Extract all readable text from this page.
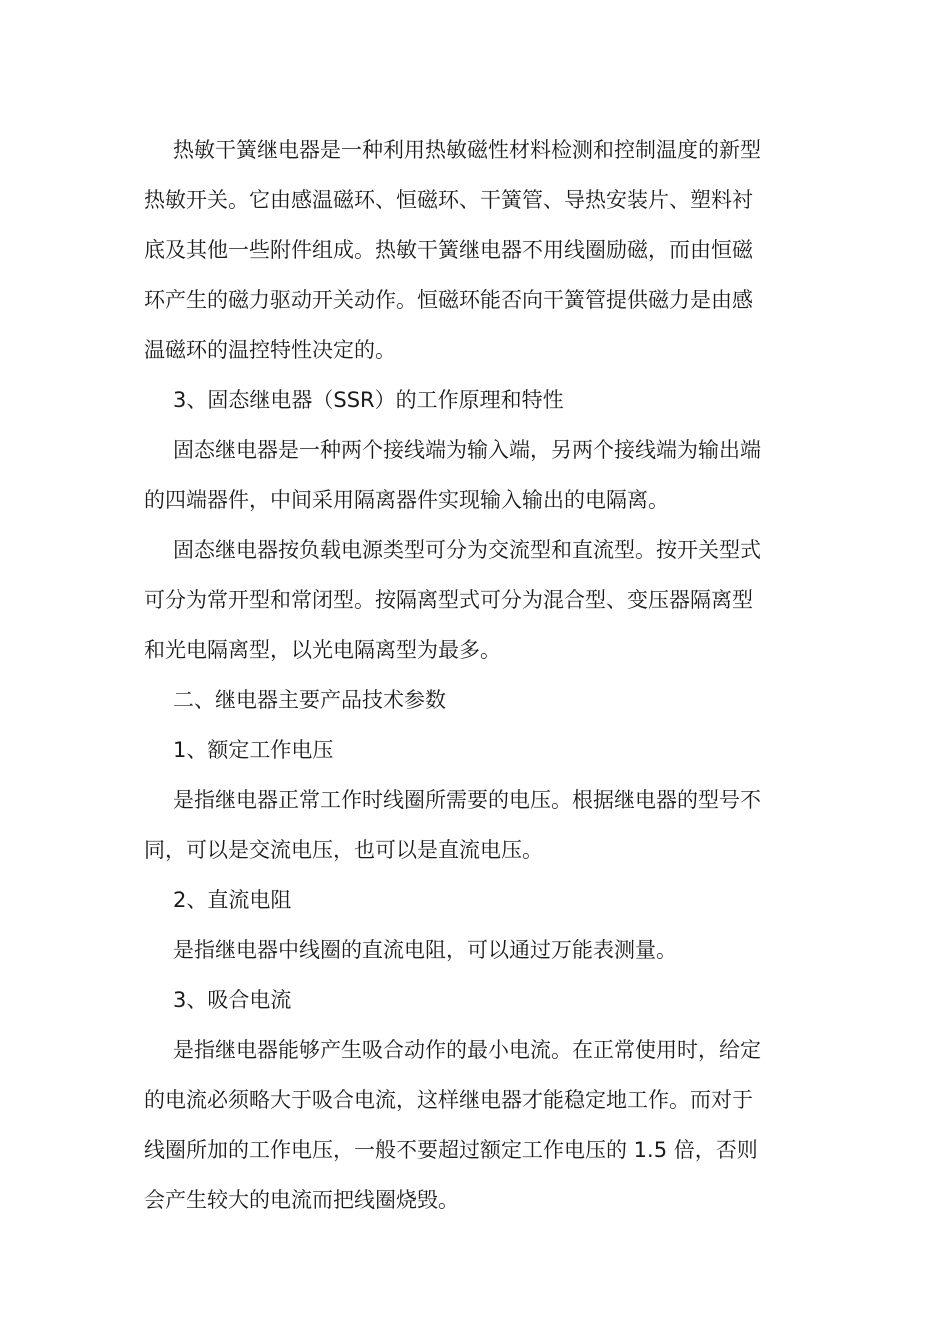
热敏干簧继电器是一种利用热敏磁性材料检测和控制温度的新型
热敏开关。它由感温磁环、恒磁环、干簧管、导热安装片、塑料衬
底及其他一些附件组成。热敏干簧继电器不用线圈励磁，而由恒磁
环产生的磁力驱动开关动作。恒磁环能否向干簧管提供磁力是由感
温磁环的温控特性决定的。
3、固态继电器（SSR）的工作原理和特性
固态继电器是一种两个接线端为输入端，另两个接线端为输出端
的四端器件，中间采用隔离器件实现输入输出的电隔离。
固态继电器按负载电源类型可分为交流型和直流型。按开关型式
可分为常开型和常闭型。按隔离型式可分为混合型、变压器隔离型
和光电隔离型，以光电隔离型为最多。
二、继电器主要产品技术参数
1、额定工作电压
是指继电器正常工作时线圈所需要的电压。根据继电器的型号不
同，可以是交流电压，也可以是直流电压。
2、直流电阻
是指继电器中线圈的直流电阻，可以通过万能表测量。
3、吸合电流
是指继电器能够产生吸合动作的最小电流。在正常使用时，给定
的电流必须略大于吸合电流，这样继电器才能稳定地工作。而对于
线圈所加的工作电压，一般不要超过额定工作电压的 1.5 倍，否则
会产生较大的电流而把线圈烧毁。
